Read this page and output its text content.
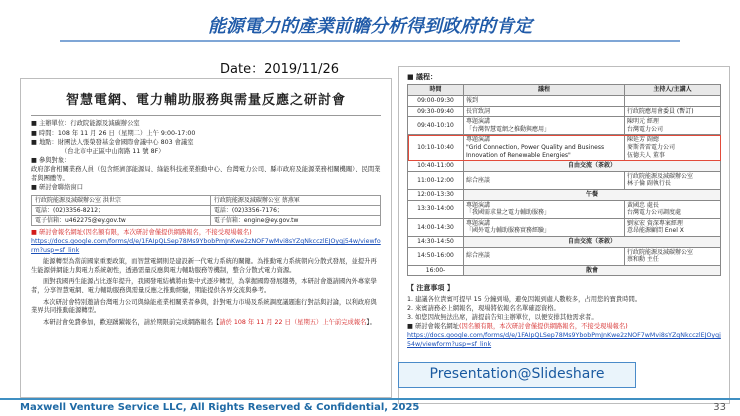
能源電力的產業前瞻分析得到政府的肯定
Date：2019/11/26
智慧電網、電力輔助服務與需量反應之研討會
■ 主辦單位：行政院能源及減碳辦公室
■ 時間：108 年 11 月 26 日（星期二）上午 9:00-17:00
■ 地點：財團法人張榮發基金會國際會議中心 803 會議室
（台北市中正區中山南路 11 號 8F）
■ 參與對象：
政府部會相關業務人員（包含經濟部能源局、綠能科技產業推動中心、台灣電力公司、縣市政府及能源業務相關機關）、民間業者與團體等。
■ 研討會聯絡窗口
行政院能源及減碳辦公室 洪世宗	行政院能源及減碳辦公室 蔡燕軍
電話：(02)3356-8212；	電話：(02)3356-7176；
電子信箱：u462275@ey.gov.tw	電子信箱：engine@ey.gov.tw
■ 研討會報名網址(因名額有限，本次研討會僅提供網路報名，不接受現場報名)
https://docs.google.com/forms/d/e/1FAIpQLSep78Ms9YbobPmJnKwe2zNOF7wMvi8sYZqNkcczlEJOygj54w/viewform?usp=sf_link
能源轉型為當前國家重要政策，而智慧電網則是建設新一代電力系統的關鍵。為推動電力系統朝向分散式發展，並提升再生能源併網能力與電力系統韌性，透過需量反應與電力輔助服務等機制，整合分散式電力資源。
面對我國再生能源占比逐年提升，我國發電結構將由集中式逐步轉型，為掌握國際發展趨勢，本研討會邀請國內外專家學者，分享智慧電網、電力輔助服務與需量反應之推動經驗，期能提供各界交流與參考。
本次研討會特別邀請台灣電力公司與綠能產業相關業者參與，針對電力市場及系統調度議題進行對話與討論，以利政府與業界共同推動能源轉型。
本研討會免費參加，歡迎踴躍報名，請於期限前完成網路報名【請於 108 年 11 月 22 日（星期五）上午前完成報名】。
■ 議程：
時間	議程	主持人/主講人
09:00-09:30	報到	
09:30-09:40	長官致詞	行政院應用會委員 (暫訂)
09:40-10:10	專題演講
「台灣智慧電網之推動與應用」	陳明元 經理
台灣電力公司
10:10-10:40	專題演講
"Grid Connection, Power Quality and Business Innovation of Renewable Energies"	陳延芳 副總
麥斯普雷電力公司
伍德夫人 董事
10:40-11:00	自由交流（茶敘）	
11:00-12:00	綜合座談	行政院能源及減碳辦公室
林子倫 副執行長
12:00-13:30	午餐	
13:30-14:00	專題演講
「我國需求量之電力輔助服務」	黃國忠 處長
台灣電力公司調度處
14:00-14:30	專題演講
「國外電力輔助服務實務經驗」	劉家宏 資深專案經理
意昂能源顧問 Enel X
14:30-14:50	自由交流（茶敘）	
14:50-16:00	綜合座談	行政院能源及減碳辦公室
蔡和勳 主任
16:00-	散會	
【 注意事項 】
1. 建議各位貴賓可提早 15 分鐘到場，避免因報到處人數較多，占用您的寶貴時間。
2. 來賓請務必上網報名，現場將依報名名單確認資格。
3. 如您因故無法出席，請提前告知主辦單位，以便安排其他需求者。
■ 研討會報名網址(因名額有限，本次研討會僅提供網路報名，不接受現場報名)
https://docs.google.com/forms/d/e/1FAIpQLSep78Ms9YbobPmJnKwe2zNOF7wMvi8sYZqNkcczlEJOygj54w/viewform?usp=sf_link
Presentation@Slideshare
Maxwell Venture Service LLC, All Rights Reserved & Confidential, 2025	33
